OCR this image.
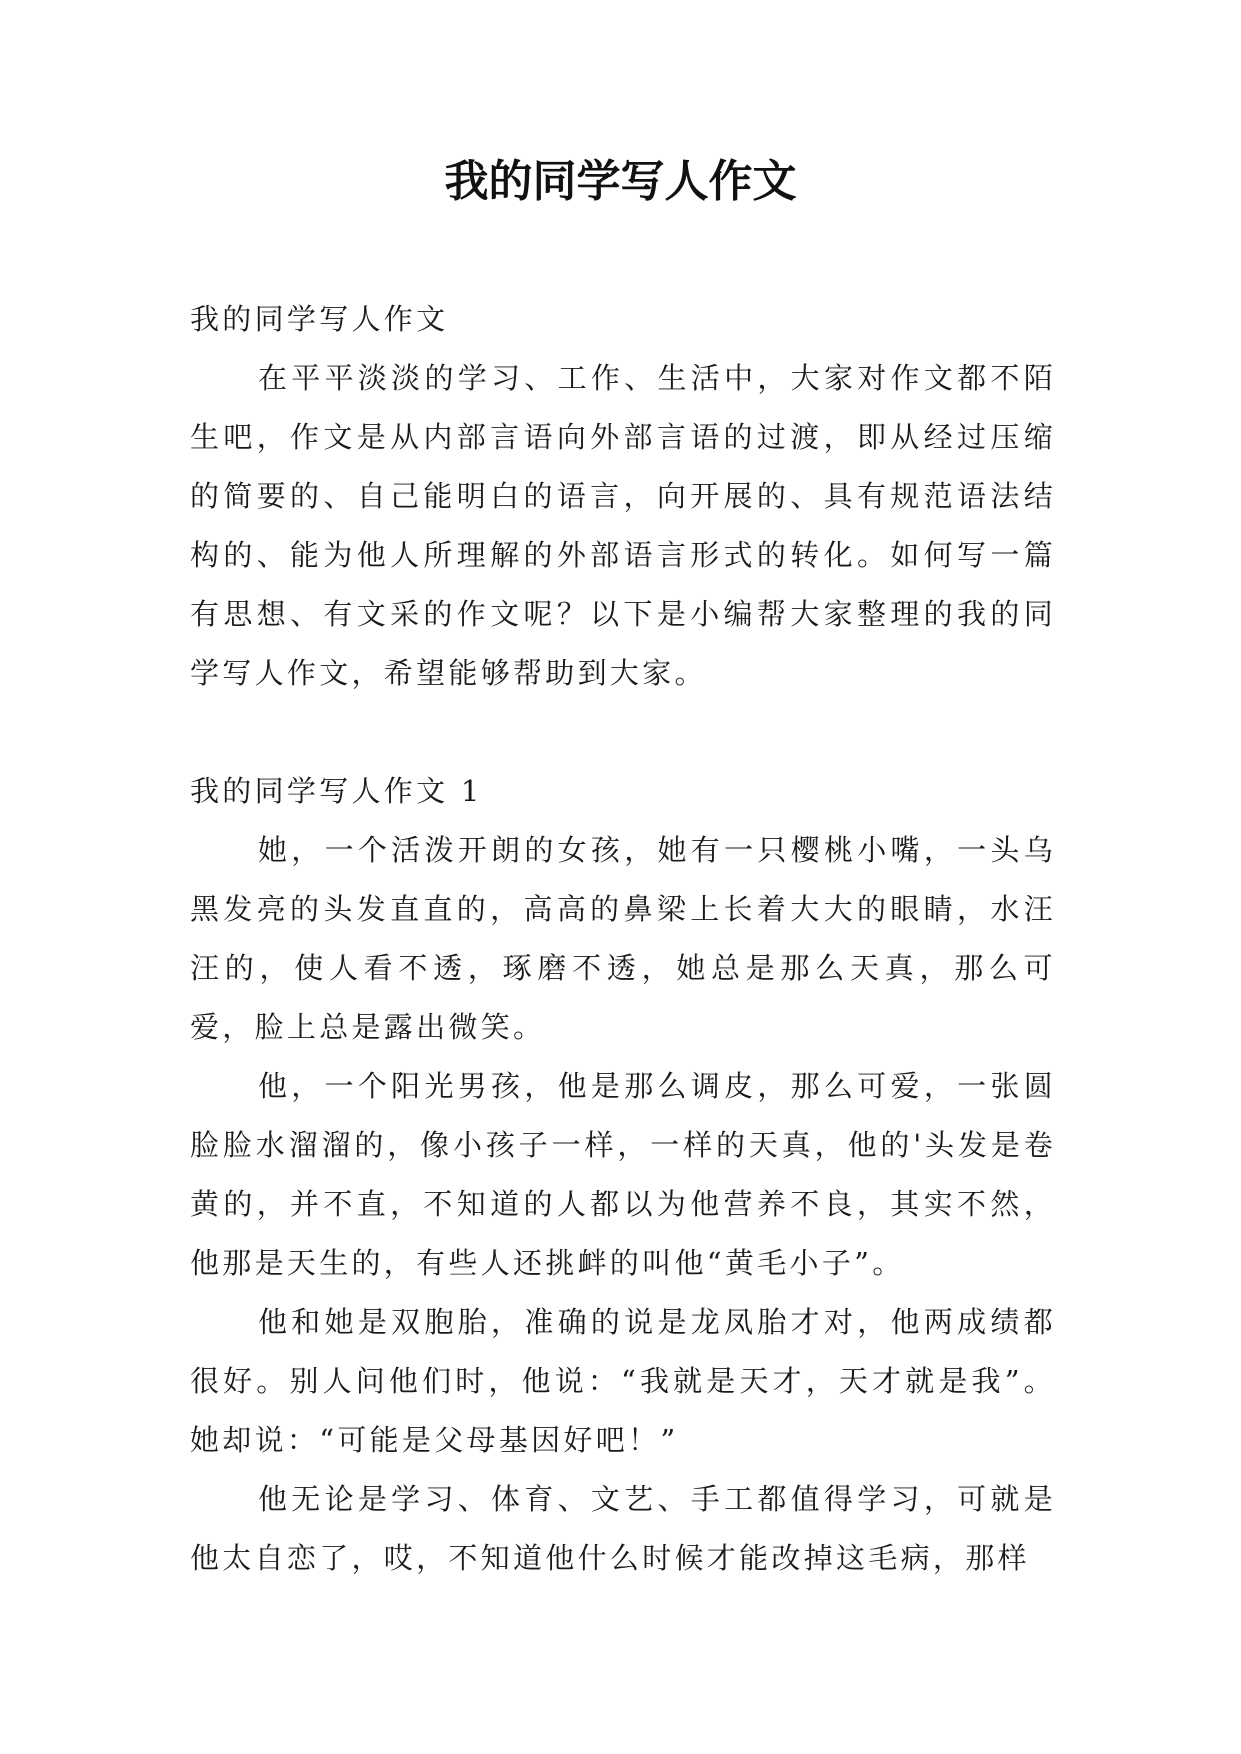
我的同学写人作文

我的同学写人作文

在平平淡淡的学习、工作、生活中，大家对作文都不陌生吧，作文是从内部言语向外部言语的过渡，即从经过压缩的简要的、自己能明白的语言，向开展的、具有规范语法结构的、能为他人所理解的外部语言形式的转化。如何写一篇有思想、有文采的作文呢？以下是小编帮大家整理的我的同学写人作文，希望能够帮助到大家。

我的同学写人作文 1

她，一个活泼开朗的女孩，她有一只樱桃小嘴，一头乌黑发亮的头发直直的，高高的鼻梁上长着大大的眼睛，水汪汪的，使人看不透，琢磨不透，她总是那么天真，那么可爱，脸上总是露出微笑。

他，一个阳光男孩，他是那么调皮，那么可爱，一张圆脸脸水溜溜的，像小孩子一样，一样的天真，他的'头发是卷黄的，并不直，不知道的人都以为他营养不良，其实不然，他那是天生的，有些人还挑衅的叫他“黄毛小子”。

他和她是双胞胎，准确的说是龙凤胎才对，他两成绩都很好。别人问他们时，他说：“我就是天才，天才就是我”。她却说：“可能是父母基因好吧！”

他无论是学习、体育、文艺、手工都值得学习，可就是他太自恋了，哎，不知道他什么时候才能改掉这毛病，那样
